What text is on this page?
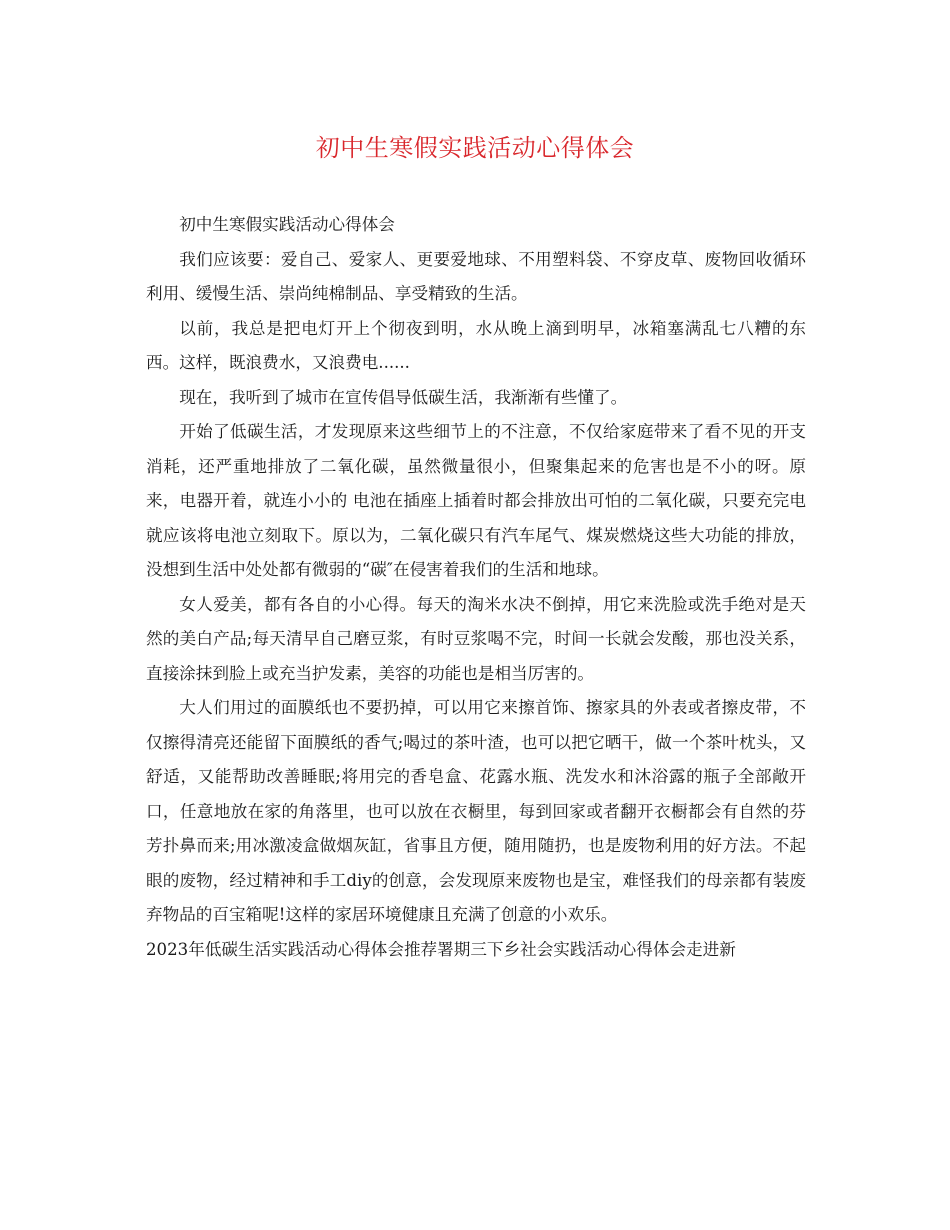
初中生寒假实践活动心得体会

初中生寒假实践活动心得体会

我们应该要：爱自己、爱家人、更要爱地球、不用塑料袋、不穿皮草、废物回收循环利用、缓慢生活、崇尚纯棉制品、享受精致的生活。

以前，我总是把电灯开上个彻夜到明，水从晚上滴到明早，冰箱塞满乱七八糟的东西。这样，既浪费水，又浪费电......

现在，我听到了城市在宣传倡导低碳生活，我渐渐有些懂了。

开始了低碳生活，才发现原来这些细节上的不注意，不仅给家庭带来了看不见的开支消耗，还严重地排放了二氧化碳，虽然微量很小，但聚集起来的危害也是不小的呀。原来，电器开着，就连小小的 电池在插座上插着时都会排放出可怕的二氧化碳，只要充完电就应该将电池立刻取下。原以为，二氧化碳只有汽车尾气、煤炭燃烧这些大功能的排放，没想到生活中处处都有微弱的“碳″在侵害着我们的生活和地球。

女人爱美，都有各自的小心得。每天的淘米水决不倒掉，用它来洗脸或洗手绝对是天然的美白产品;每天清早自己磨豆浆，有时豆浆喝不完，时间一长就会发酸，那也没关系，直接涂抹到脸上或充当护发素，美容的功能也是相当厉害的。

大人们用过的面膜纸也不要扔掉，可以用它来擦首饰、擦家具的外表或者擦皮带，不仅擦得清亮还能留下面膜纸的香气;喝过的茶叶渣，也可以把它晒干，做一个茶叶枕头，又舒适，又能帮助改善睡眠;将用完的香皂盒、花露水瓶、洗发水和沐浴露的瓶子全部敞开口，任意地放在家的角落里，也可以放在衣橱里，每到回家或者翻开衣橱都会有自然的芬芳扑鼻而来;用冰激凌盒做烟灰缸，省事且方便，随用随扔，也是废物利用的好方法。不起眼的废物，经过精神和手工diy的创意，会发现原来废物也是宝，难怪我们的母亲都有装废弃物品的百宝箱呢!这样的家居环境健康且充满了创意的小欢乐。

2023年低碳生活实践活动心得体会推荐署期三下乡社会实践活动心得体会走进新
